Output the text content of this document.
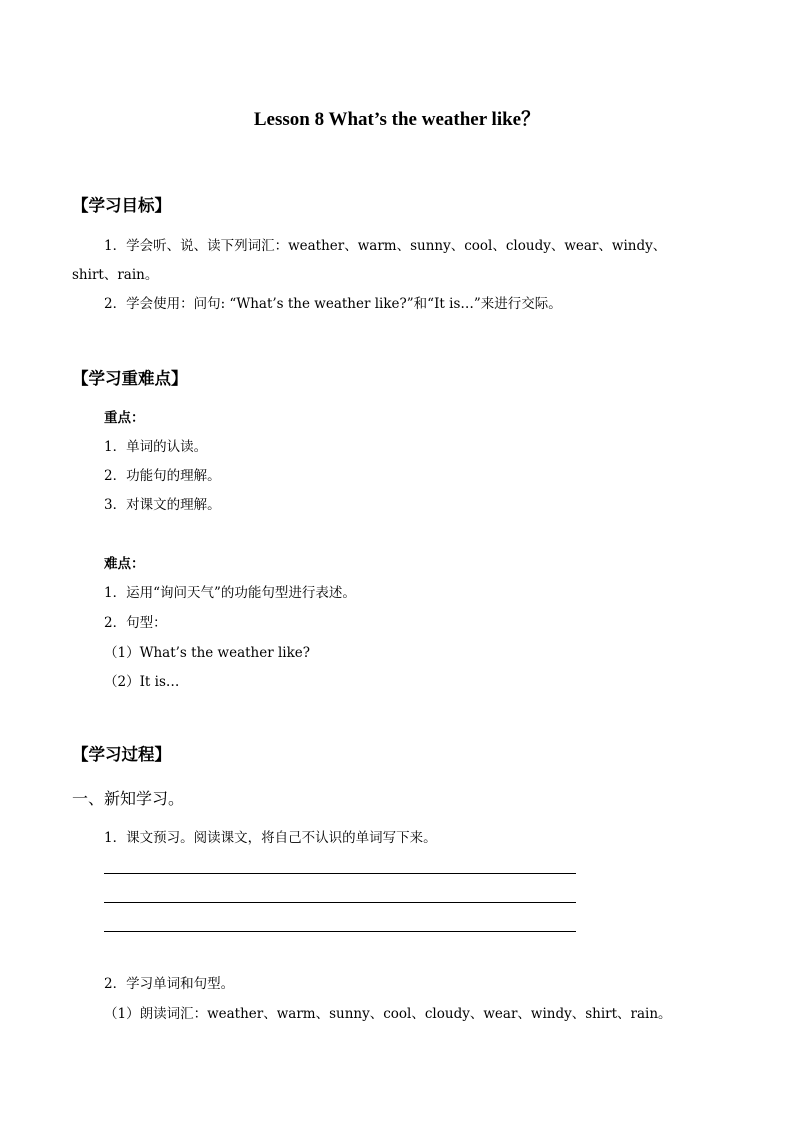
Lesson 8 What’s the weather like？
【学习目标】
1．学会听、说、读下列词汇：weather、warm、sunny、cool、cloudy、wear、windy、
shirt、rain。
2．学会使用：问句: “What’s the weather like?”和“It is…”来进行交际。
【学习重难点】
重点：
1．单词的认读。
2．功能句的理解。
3．对课文的理解。
难点：
1．运用“询问天气”的功能句型进行表述。
2．句型：
（1）What’s the weather like?
（2）It is…
【学习过程】
一、新知学习。
1．课文预习。阅读课文，将自己不认识的单词写下来。
2．学习单词和句型。
（1）朗读词汇：weather、warm、sunny、cool、cloudy、wear、windy、shirt、rain。
